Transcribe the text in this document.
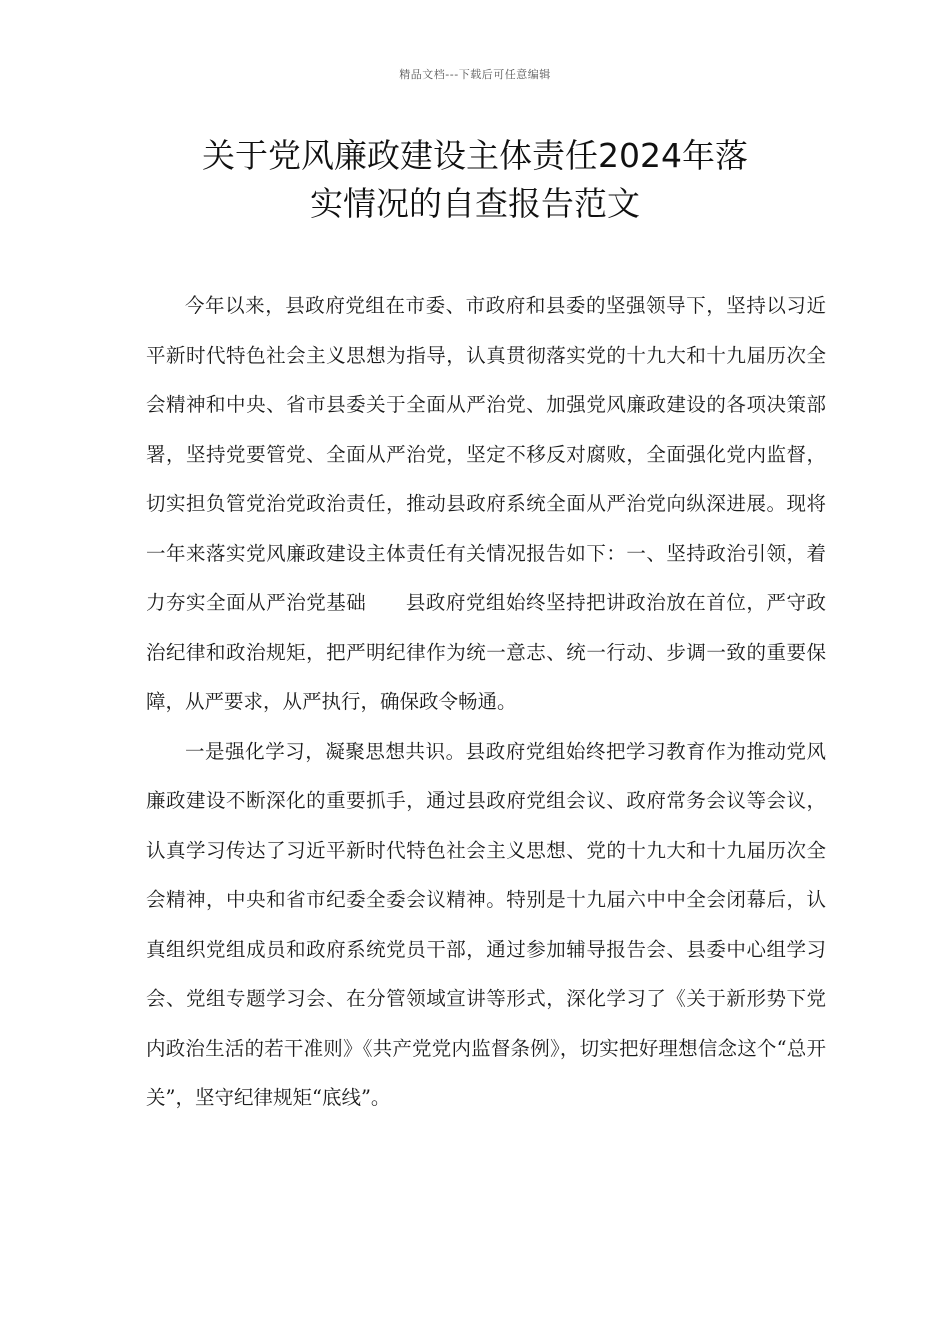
精品文档---下载后可任意编辑
关于党风廉政建设主体责任2024年落
实情况的自查报告范文

今年以来，县政府党组在市委、市政府和县委的坚强领导下，坚持以习近平新时代特色社会主义思想为指导，认真贯彻落实党的十九大和十九届历次全会精神和中央、省市县委关于全面从严治党、加强党风廉政建设的各项决策部署，坚持党要管党、全面从严治党，坚定不移反对腐败，全面强化党内监督，切实担负管党治党政治责任，推动县政府系统全面从严治党向纵深进展。现将一年来落实党风廉政建设主体责任有关情况报告如下：一、坚持政治引领，着力夯实全面从严治党基础 县政府党组始终坚持把讲政治放在首位，严守政治纪律和政治规矩，把严明纪律作为统一意志、统一行动、步调一致的重要保障，从严要求，从严执行，确保政令畅通。

一是强化学习，凝聚思想共识。县政府党组始终把学习教育作为推动党风廉政建设不断深化的重要抓手，通过县政府党组会议、政府常务会议等会议，认真学习传达了习近平新时代特色社会主义思想、党的十九大和十九届历次全会精神，中央和省市纪委全委会议精神。特别是十九届六中中全会闭幕后，认真组织党组成员和政府系统党员干部，通过参加辅导报告会、县委中心组学习会、党组专题学习会、在分管领域宣讲等形式，深化学习了《关于新形势下党内政治生活的若干准则》《共产党党内监督条例》，切实把好理想信念这个“总开关”，坚守纪律规矩“底线”。
